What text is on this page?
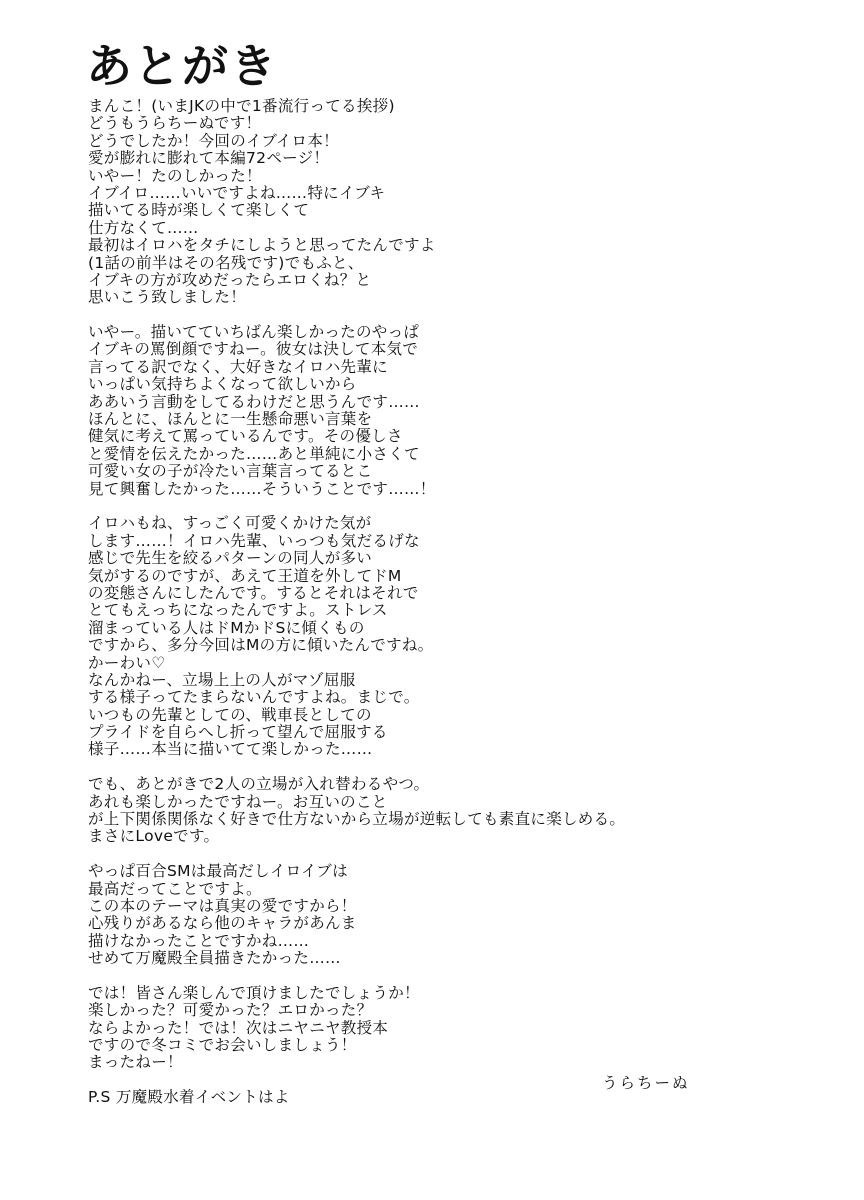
あとがき
まんこ！(いまJKの中で1番流行ってる挨拶)
どうもうらちーぬです！
どうでしたか！今回のイブイロ本！
愛が膨れに膨れて本編72ページ！
いやー！たのしかった！
イブイロ……いいですよね……特にイブキ
描いてる時が楽しくて楽しくて
仕方なくて……
最初はイロハをタチにしようと思ってたんですよ
(1話の前半はその名残です)でもふと、
イブキの方が攻めだったらエロくね？と
思いこう致しました！
いやー。描いてていちばん楽しかったのやっぱ
イブキの罵倒顔ですねー。彼女は決して本気で
言ってる訳でなく、大好きなイロハ先輩に
いっぱい気持ちよくなって欲しいから
ああいう言動をしてるわけだと思うんです……
ほんとに、ほんとに一生懸命悪い言葉を
健気に考えて罵っているんです。その優しさ
と愛情を伝えたかった……あと単純に小さくて
可愛い女の子が冷たい言葉言ってるとこ
見て興奮したかった……そういうことです……！
イロハもね、すっごく可愛くかけた気が
します……！イロハ先輩、いっつも気だるげな
感じで先生を絞るパターンの同人が多い
気がするのですが、あえて王道を外してドM
の変態さんにしたんです。するとそれはそれで
とてもえっちになったんですよ。ストレス
溜まっている人はドMかドSに傾くもの
ですから、多分今回はMの方に傾いたんですね。
かーわい♡
なんかねー、立場上上の人がマゾ屈服
する様子ってたまらないんですよね。まじで。
いつもの先輩としての、戦車長としての
プライドを自らへし折って望んで屈服する
様子……本当に描いてて楽しかった……
でも、あとがきで2人の立場が入れ替わるやつ。
あれも楽しかったですねー。お互いのこと
が上下関係関係なく好きで仕方ないから立場が逆転しても素直に楽しめる。
まさにLoveです。
やっぱ百合SMは最高だしイロイブは
最高だってことですよ。
この本のテーマは真実の愛ですから！
心残りがあるなら他のキャラがあんま
描けなかったことですかね……
せめて万魔殿全員描きたかった……
では！皆さん楽しんで頂けましたでしょうか！
楽しかった？可愛かった？エロかった？
ならよかった！では！次はニヤニヤ教授本
ですので冬コミでお会いしましょう！
まったねー！
P.S 万魔殿水着イベントはよ
うらちーぬ
